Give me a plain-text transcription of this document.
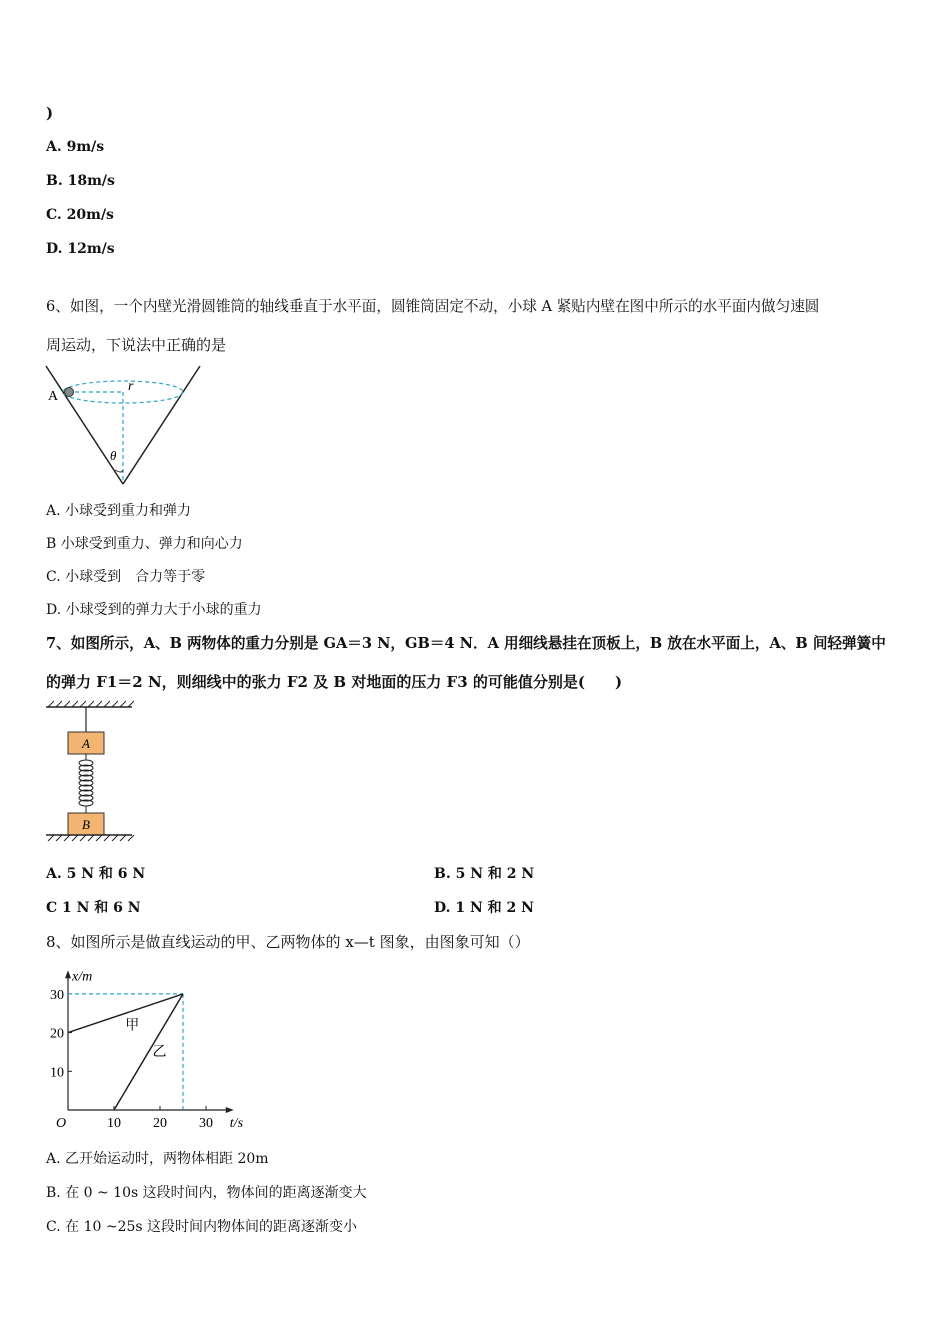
)
A. 9m/s
B. 18m/s
C. 20m/s
D. 12m/s
6、如图，一个内壁光滑圆锥筒的轴线垂直于水平面，圆锥筒固定不动，小球 A 紧贴内壁在图中所示的水平面内做匀速圆
周运动，下说法中正确的是
A
r
θ
A. 小球受到重力和弹力
B 小球受到重力、弹力和向心力
C. 小球受到　合力等于零
D. 小球受到的弹力大于小球的重力
7、如图所示，A、B 两物体的重力分别是 GA＝3 N，GB＝4 N．A 用细线悬挂在顶板上，B 放在水平面上，A、B 间轻弹簧中
的弹力 F1＝2 N，则细线中的张力 F2 及 B 对地面的压力 F3 的可能值分别是(　　)
A
B
A. 5 N 和 6 N	B. 5 N 和 2 N
C 1 N 和 6 N	D. 1 N 和 2 N
8、如图所示是做直线运动的甲、乙两物体的 x—t 图象，由图象可知（）
10 20 30
10
20
30
x/m
t/s
O
甲
乙
A. 乙开始运动时，两物体相距 20m
B. 在 0 ~ 10s 这段时间内，物体间的距离逐渐变大
C. 在 10 ~25s 这段时间内物体间的距离逐渐变小
